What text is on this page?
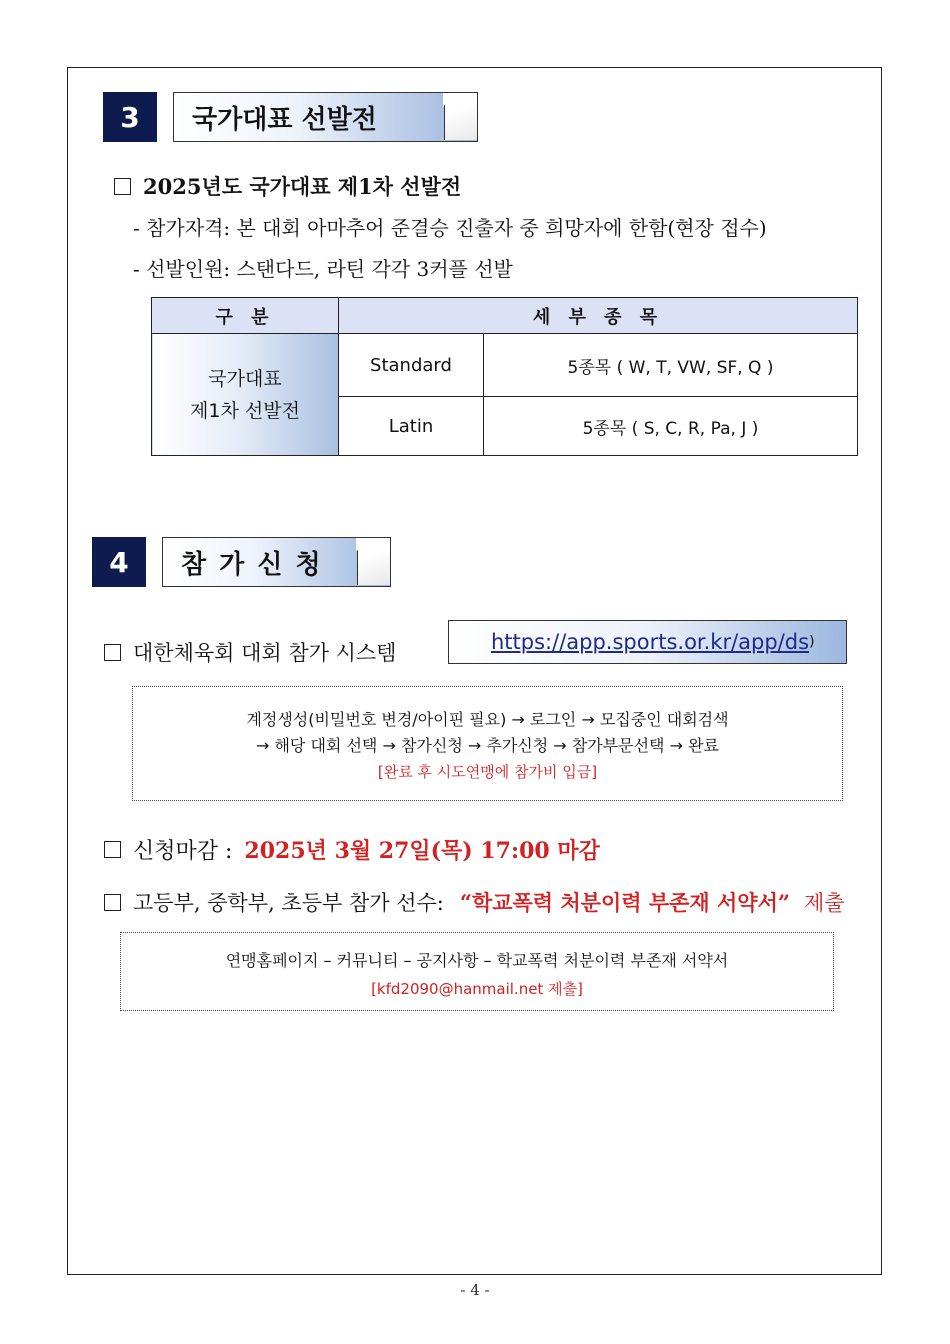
3	국가대표 선발전
2025년도 국가대표 제1차 선발전
- 참가자격: 본 대회 아마추어 준결승 진출자 중 희망자에 한함(현장 접수)
- 선발인원: 스탠다드, 라틴 각각 3커플 선발
구 분	세 부 종 목	

국가대표
제1차 선발전	Standard	5종목 ( W, T, VW, SF, Q )
	Latin	5종목 ( S, C, R, Pa, J )
4	참 가 신 청
대한체육회 대회 참가 시스템	https://app.sports.or.kr/app/ds )
계정생성(비밀번호 변경/아이핀 필요) → 로그인 → 모집중인 대회검색
→ 해당 대회 선택 → 참가신청 → 추가신청 → 참가부문선택 → 완료
[완료 후 시도연맹에 참가비 입금]
신청마감 : 2025년 3월 27일(목) 17:00 마감
고등부, 중학부, 초등부 참가 선수: “학교폭력 처분이력 부존재 서약서” 제출
연맹홈페이지 – 커뮤니티 – 공지사항 – 학교폭력 처분이력 부존재 서약서
[kfd2090@hanmail.net 제출]
- 4 -
